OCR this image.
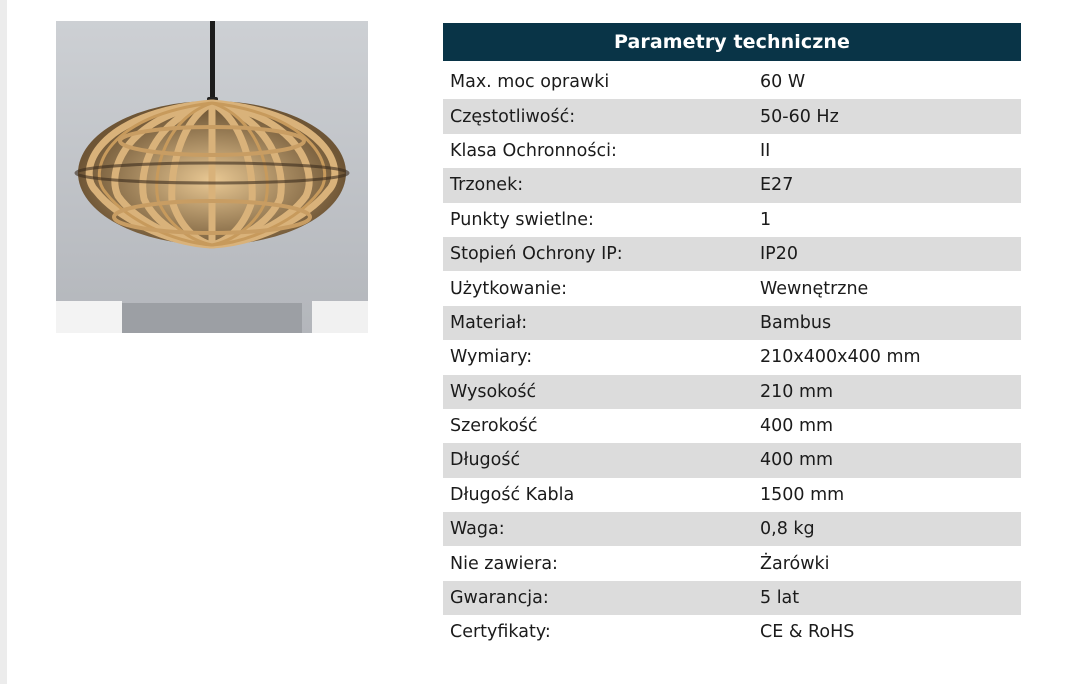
Parametry techniczne
Max. moc oprawki	60 W
Częstotliwość:	50-60 Hz
Klasa Ochronności:	II
Trzonek:	E27
Punkty swietlne:	1
Stopień Ochrony IP:	IP20
Użytkowanie:	Wewnętrzne
Materiał:	Bambus
Wymiary:	210x400x400 mm
Wysokość	210 mm
Szerokość	400 mm
Długość	400 mm
Długość Kabla	1500 mm
Waga:	0,8 kg
Nie zawiera:	Żarówki
Gwarancja:	5 lat
Certyfikaty:	CE & RoHS
